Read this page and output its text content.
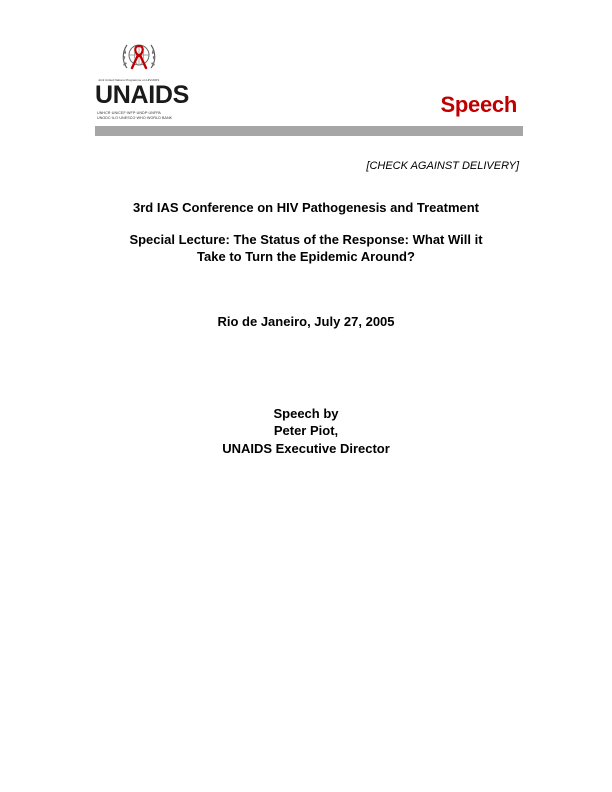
Joint United Nations Programme on HIV/AIDS
UNAIDS
UNHCR·UNICEF·WFP·UNDP·UNFPA
UNODC·ILO·UNESCO·WHO·WORLD BANK
Speech
[CHECK AGAINST DELIVERY]
3rd IAS Conference on HIV Pathogenesis and Treatment
Special Lecture: The Status of the Response: What Will it
Take to Turn the Epidemic Around?
Rio de Janeiro, July 27, 2005
Speech by
Peter Piot,
UNAIDS Executive Director
